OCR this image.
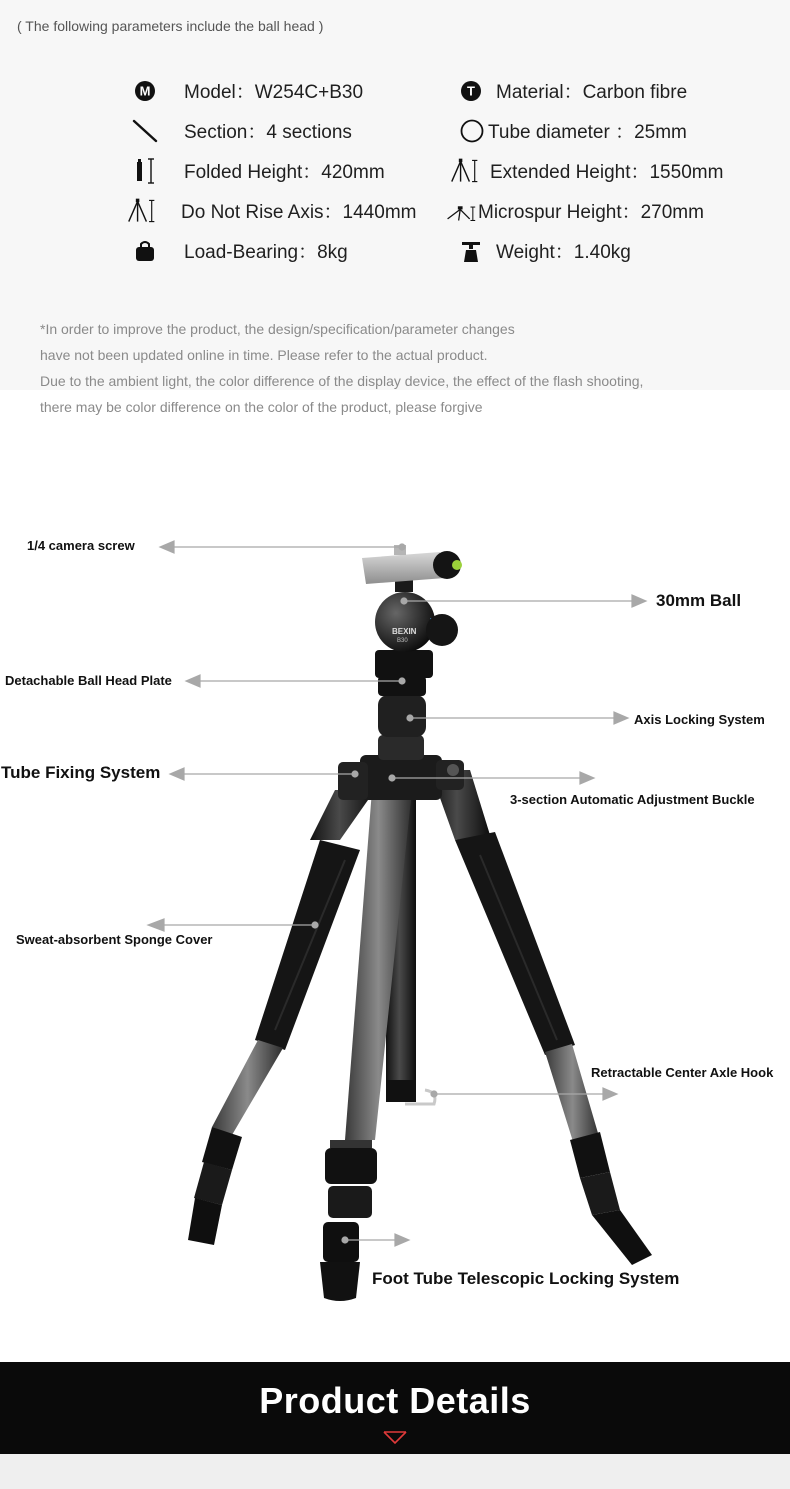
( The following parameters include the ball head )
M Model：W254C+B30	T Material：Carbon fibre
Section：4 sections	Tube diameter ：25mm
Folded Height：420mm	Extended Height：1550mm
Do Not Rise Axis：1440mm	Microspur Height：270mm
Load-Bearing：8kg	Weight：1.40kg
*In order to improve the product, the design/specification/parameter changes
have not been updated online in time. Please refer to the actual product.
Due to the ambient light, the color difference of the display device, the effect of the flash shooting,
there may be color difference on the color of the product, please forgive
BEXIN
B30
1/4 camera screw
30mm Ball
Detachable Ball Head Plate
Axis Locking System
Tube Fixing System
3-section Automatic Adjustment Buckle
Sweat-absorbent Sponge Cover
Retractable Center Axle Hook
Foot Tube Telescopic Locking System
Product Details
